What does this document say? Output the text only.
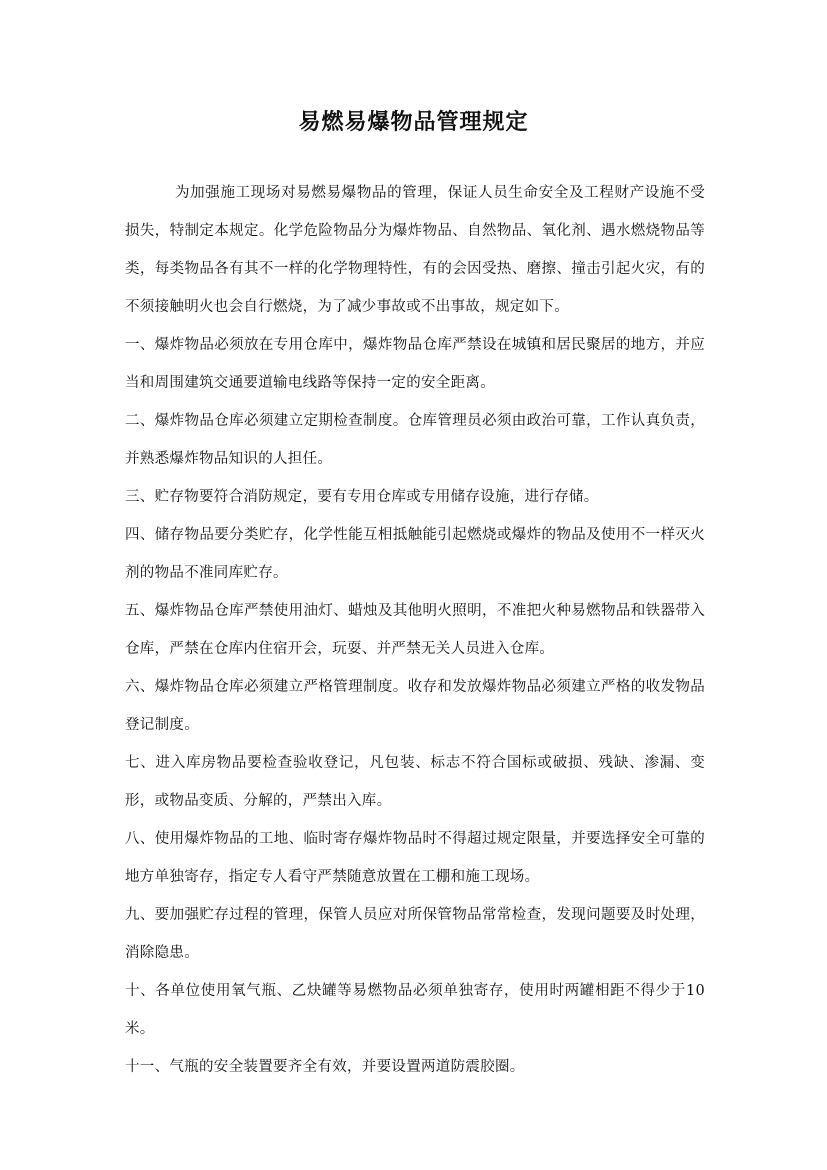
易燃易爆物品管理规定

为加强施工现场对易燃易爆物品的管理，保证人员生命安全及工程财产设施不受损失，特制定本规定。化学危险物品分为爆炸物品、自然物品、氧化剂、遇水燃烧物品等类，每类物品各有其不一样的化学物理特性，有的会因受热、磨擦、撞击引起火灾，有的不须接触明火也会自行燃烧，为了减少事故或不出事故，规定如下。

一、爆炸物品必须放在专用仓库中，爆炸物品仓库严禁设在城镇和居民聚居的地方，并应当和周围建筑交通要道输电线路等保持一定的安全距离。

二、爆炸物品仓库必须建立定期检查制度。仓库管理员必须由政治可靠，工作认真负责，并熟悉爆炸物品知识的人担任。

三、贮存物要符合消防规定，要有专用仓库或专用储存设施，进行存储。

四、储存物品要分类贮存，化学性能互相抵触能引起燃烧或爆炸的物品及使用不一样灭火剂的物品不准同库贮存。

五、爆炸物品仓库严禁使用油灯、蜡烛及其他明火照明，不准把火种易燃物品和铁器带入仓库，严禁在仓库内住宿开会，玩耍、并严禁无关人员进入仓库。

六、爆炸物品仓库必须建立严格管理制度。收存和发放爆炸物品必须建立严格的收发物品登记制度。

七、进入库房物品要检查验收登记，凡包装、标志不符合国标或破损、残缺、渗漏、变形，或物品变质、分解的，严禁出入库。

八、使用爆炸物品的工地、临时寄存爆炸物品时不得超过规定限量，并要选择安全可靠的地方单独寄存，指定专人看守严禁随意放置在工棚和施工现场。

九、要加强贮存过程的管理，保管人员应对所保管物品常常检查，发现问题要及时处理，消除隐患。

十、各单位使用氧气瓶、乙炔罐等易燃物品必须单独寄存，使用时两罐相距不得少于10米。

十一、气瓶的安全装置要齐全有效，并要设置两道防震胶圈。
